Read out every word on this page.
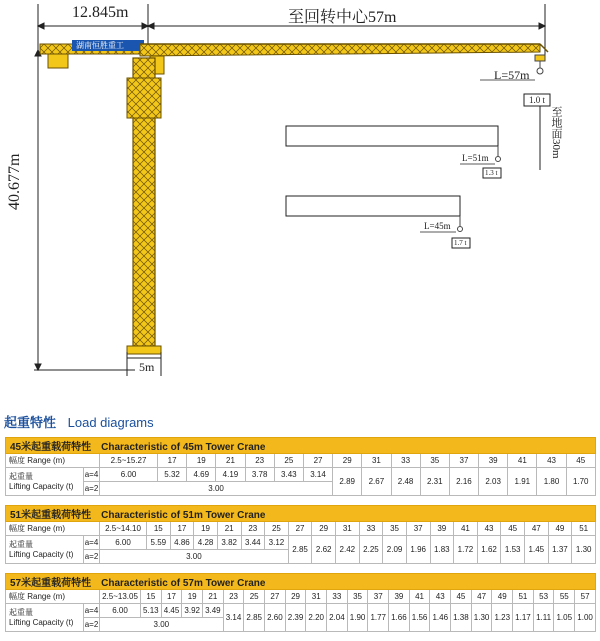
12.845m	至回转中心57m
40.677m
5m
湖南恒胜重工
至地面30m
L=57m
1.0 t
L=51m
1.3 t
L=45m
1.7 t
起重特性 Load diagrams
45米起重载荷特性 Characteristic of 45m Tower Crane																	
幅度 Range (m)		2.5~15.27	17	19	21	23	25	27	29	31	33	35	37	39	41	43	45

起重量
Lifting Capacity (t)	a=4	6.00	5.32	4.69	4.19	3.78	3.43	3.14	2.89	2.67	2.48	2.31	2.16	2.03	1.91	1.80	1.70
	a=2	3.00															
51米起重载荷特性 Characteristic of 51m Tower Crane																					
幅度 Range (m)		2.5~14.10	15	17	19	21	23	25	27	29	31	33	35	37	39	41	43	45	47	49	51

起重量
Lifting Capacity (t)	a=4	6.00	5.59	4.86	4.28	3.82	3.44	3.12	2.85	2.62	2.42	2.25	2.09	1.96	1.83	1.72	1.62	1.53	1.45	1.37	1.30
	a=2	3.00																			
57米起重载荷特性 Characteristic of 57m Tower Crane																								
幅度 Range (m)		2.5~13.05	15	17	19	21	23	25	27	29	31	33	35	37	39	41	43	45	47	49	51	53	55	57

起重量
Lifting Capacity (t)	a=4	6.00	5.13	4.45	3.92	3.49	3.14	2.85	2.60	2.39	2.20	2.04	1.90	1.77	1.66	1.56	1.46	1.38	1.30	1.23	1.17	1.11	1.05	1.00
	a=2	3.00																						
